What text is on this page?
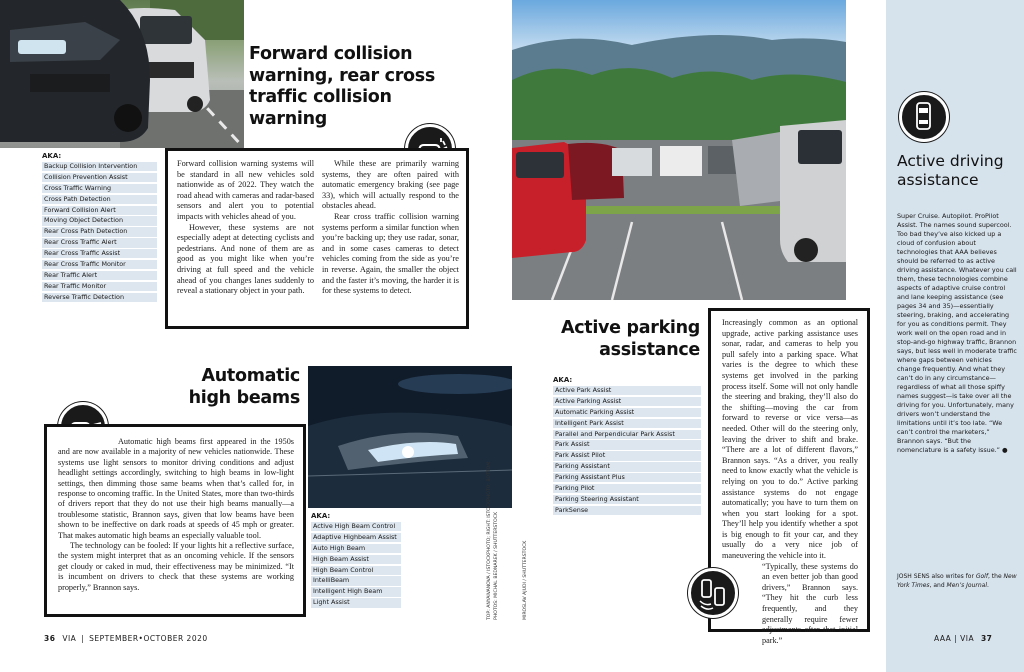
Forward collision warning, rear cross traffic collision warning
AKA:
Backup Collision Intervention
Collision Prevention Assist
Cross Traffic Warning
Cross Path Detection
Forward Collision Alert
Moving Object Detection
Rear Cross Path Detection
Rear Cross Traffic Alert
Rear Cross Traffic Assist
Rear Cross Traffic Monitor
Rear Traffic Alert
Rear Traffic Monitor
Reverse Traffic Detection

Forward collision warning systems will be standard in all new vehicles sold nationwide as of 2022. They watch the road ahead with cameras and radar-based sensors and alert you to potential impacts with vehicles ahead of you.

However, these systems are not especially adept at detecting cyclists and pedestrians. And none of them are as good as you might like when you’re driving at full speed and the vehicle ahead of you changes lanes suddenly to reveal a stationary object in your path.

While these are primarily warning systems, they are often paired with automatic emergency braking (see page 33), which will actually respond to the obstacles ahead.

Rear cross traffic collision warning systems perform a similar function when you’re backing up; they use radar, sonar, and in some cases cameras to detect vehicles coming from the side as you’re in reverse. Again, the smaller the object and the faster it’s moving, the harder it is for these systems to detect.

Automatic high beams

Automatic high beams first appeared in the 1950s and are now available in a majority of new vehicles nationwide. These systems use light sensors to monitor driving conditions and adjust headlight settings accordingly, switching to high beams in low-light settings, then dimming those same beams when that’s called for, in response to oncoming traffic. In the United States, more than two-thirds of drivers report that they do not use their high beams manually—a troublesome statistic, Brannon says, given that low beams have been shown to be ineffective on dark roads at speeds of 45 mph or greater. That makes automatic high beams an especially valuable tool.

The technology can be fooled: If your lights hit a reflective surface, the system might interpret that as an oncoming vehicle. If the sensors get cloudy or caked in mud, their effectiveness may be minimized. “It is incumbent on drivers to check that these systems are working properly,” Brannon says.

AKA:
Active High Beam Control
Adaptive Highbeam Assist
Auto High Beam
High Beam Assist
High Beam Control
IntelliBeam
Intelligent High Beam
Light Assist	TOP: ANYAIVANOVA / ISTOCKPHOTO; RIGHT: ISTOCKPHOTO; BOTTOM: PHOTOS: MICHAL BEDNAREK / SHUTTERSTOCK	MIROSLAV AJUDI / SHUTTERSTOCK
Active parking
assistance
AKA:
Active Park Assist
Active Parking Assist
Automatic Parking Assist
Intelligent Park Assist
Parallel and Perpendicular Park Assist
Park Assist
Park Assist Pilot
Parking Assistant
Parking Assistant Plus
Parking Pilot
Parking Steering Assistant
ParkSense

Increasingly common as an optional upgrade, active parking assistance uses sonar, radar, and cameras to help you pull safely into a parking space. What varies is the degree to which these systems get involved in the parking process itself. Some will not only handle the steering and braking, they’ll also do the shifting—moving the car from forward to reverse or vice versa—as needed. Other will do the steering only, leaving the driver to shift and brake. “There are a lot of different flavors,” Brannon says. “As a driver, you really need to know exactly what the vehicle is relying on you to do.” Active parking assistance systems do not engage automatically; you have to turn them on when you start looking for a spot. They’ll help you identify whether a spot is big enough to fit your car, and they usually do a very nice job of maneuvering the vehicle into it.

“Typically, these systems do an even better job than good drivers,” Brannon says. “They hit the curb less frequently, and they generally require fewer adjustments after that initial park.”

Active driving assistance
Super Cruise. Autopilot. ProPilot Assist. The names sound supercool. Too bad they’ve also kicked up a cloud of confusion about technologies that AAA believes should be referred to as active driving assistance. Whatever you call them, these technologies combine aspects of adaptive cruise control and lane keeping assistance (see pages 34 and 35)—essentially steering, braking, and accelerating for you as conditions permit. They work well on the open road and in stop-and-go highway traffic, Brannon says, but less well in moderate traffic where gaps between vehicles change frequently. And what they can’t do in any circumstance—regardless of what all those spiffy names suggest—is take over all the driving for you. Unfortunately, many drivers won’t understand the limitations until it’s too late. “We can’t control the marketers,” Brannon says. “But the nomenclature is a safety issue.” ●
JOSH SENS also writes for Golf, the New York Times, and Men’s Journal.
AAA | VIA 37
36 VIA | SEPTEMBER•OCTOBER 2020
